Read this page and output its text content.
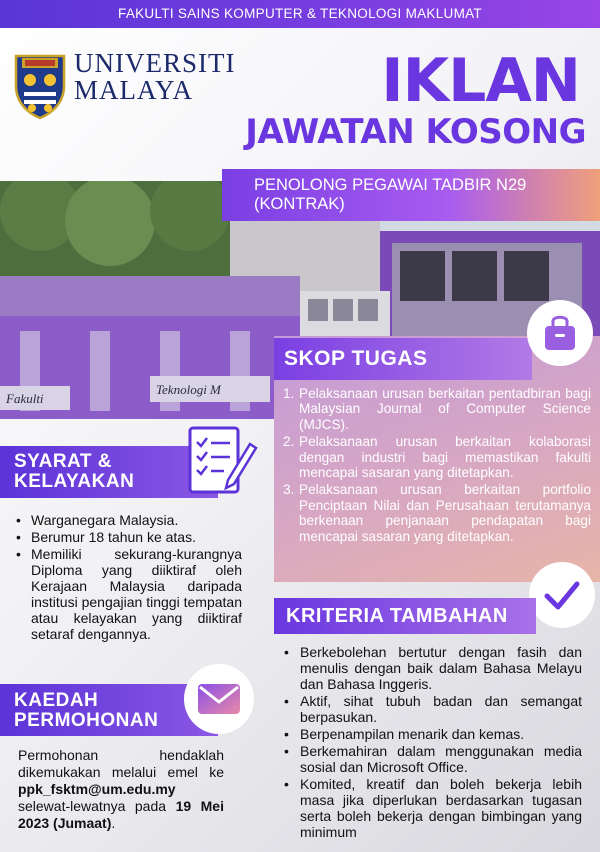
FAKULTI SAINS KOMPUTER & TEKNOLOGI MAKLUMAT
UNIVERSITI
MALAYA	IKLAN
JAWATAN KOSONG
Teknologi M
Fakulti
PENOLONG PEGAWAI TADBIR N29
(KONTRAK)
SKOP TUGAS
1. Pelaksanaan urusan berkaitan pentadbiran bagi Malaysian Journal of Computer Science (MJCS).
2. Pelaksanaan urusan berkaitan kolaborasi dengan industri bagi memastikan fakulti mencapai sasaran yang ditetapkan.
3. Pelaksanaan urusan berkaitan portfolio Penciptaan Nilai dan Perusahaan terutamanya berkenaan penjanaan pendapatan bagi mencapai sasaran yang ditetapkan.
KRITERIA TAMBAHAN
• Berkebolehan bertutur dengan fasih dan menulis dengan baik dalam Bahasa Melayu dan Bahasa Inggeris.
• Aktif, sihat tubuh badan dan semangat berpasukan.
• Berpenampilan menarik dan kemas.
• Berkemahiran dalam menggunakan media sosial dan Microsoft Office.
• Komited, kreatif dan boleh bekerja lebih masa jika diperlukan berdasarkan tugasan serta boleh bekerja dengan bimbingan yang minimum
SYARAT &
KELAYAKAN
• Warganegara Malaysia.
• Berumur 18 tahun ke atas.
• Memiliki sekurang-kurangnya Diploma yang diiktiraf oleh Kerajaan Malaysia daripada institusi pengajian tinggi tempatan atau kelayakan yang diiktiraf setaraf dengannya.
KAEDAH
PERMOHONAN
Permohonan hendaklah dikemukakan melalui emel ke ppk_fsktm@um.edu.my selewat-lewatnya pada 19 Mei 2023 (Jumaat).
